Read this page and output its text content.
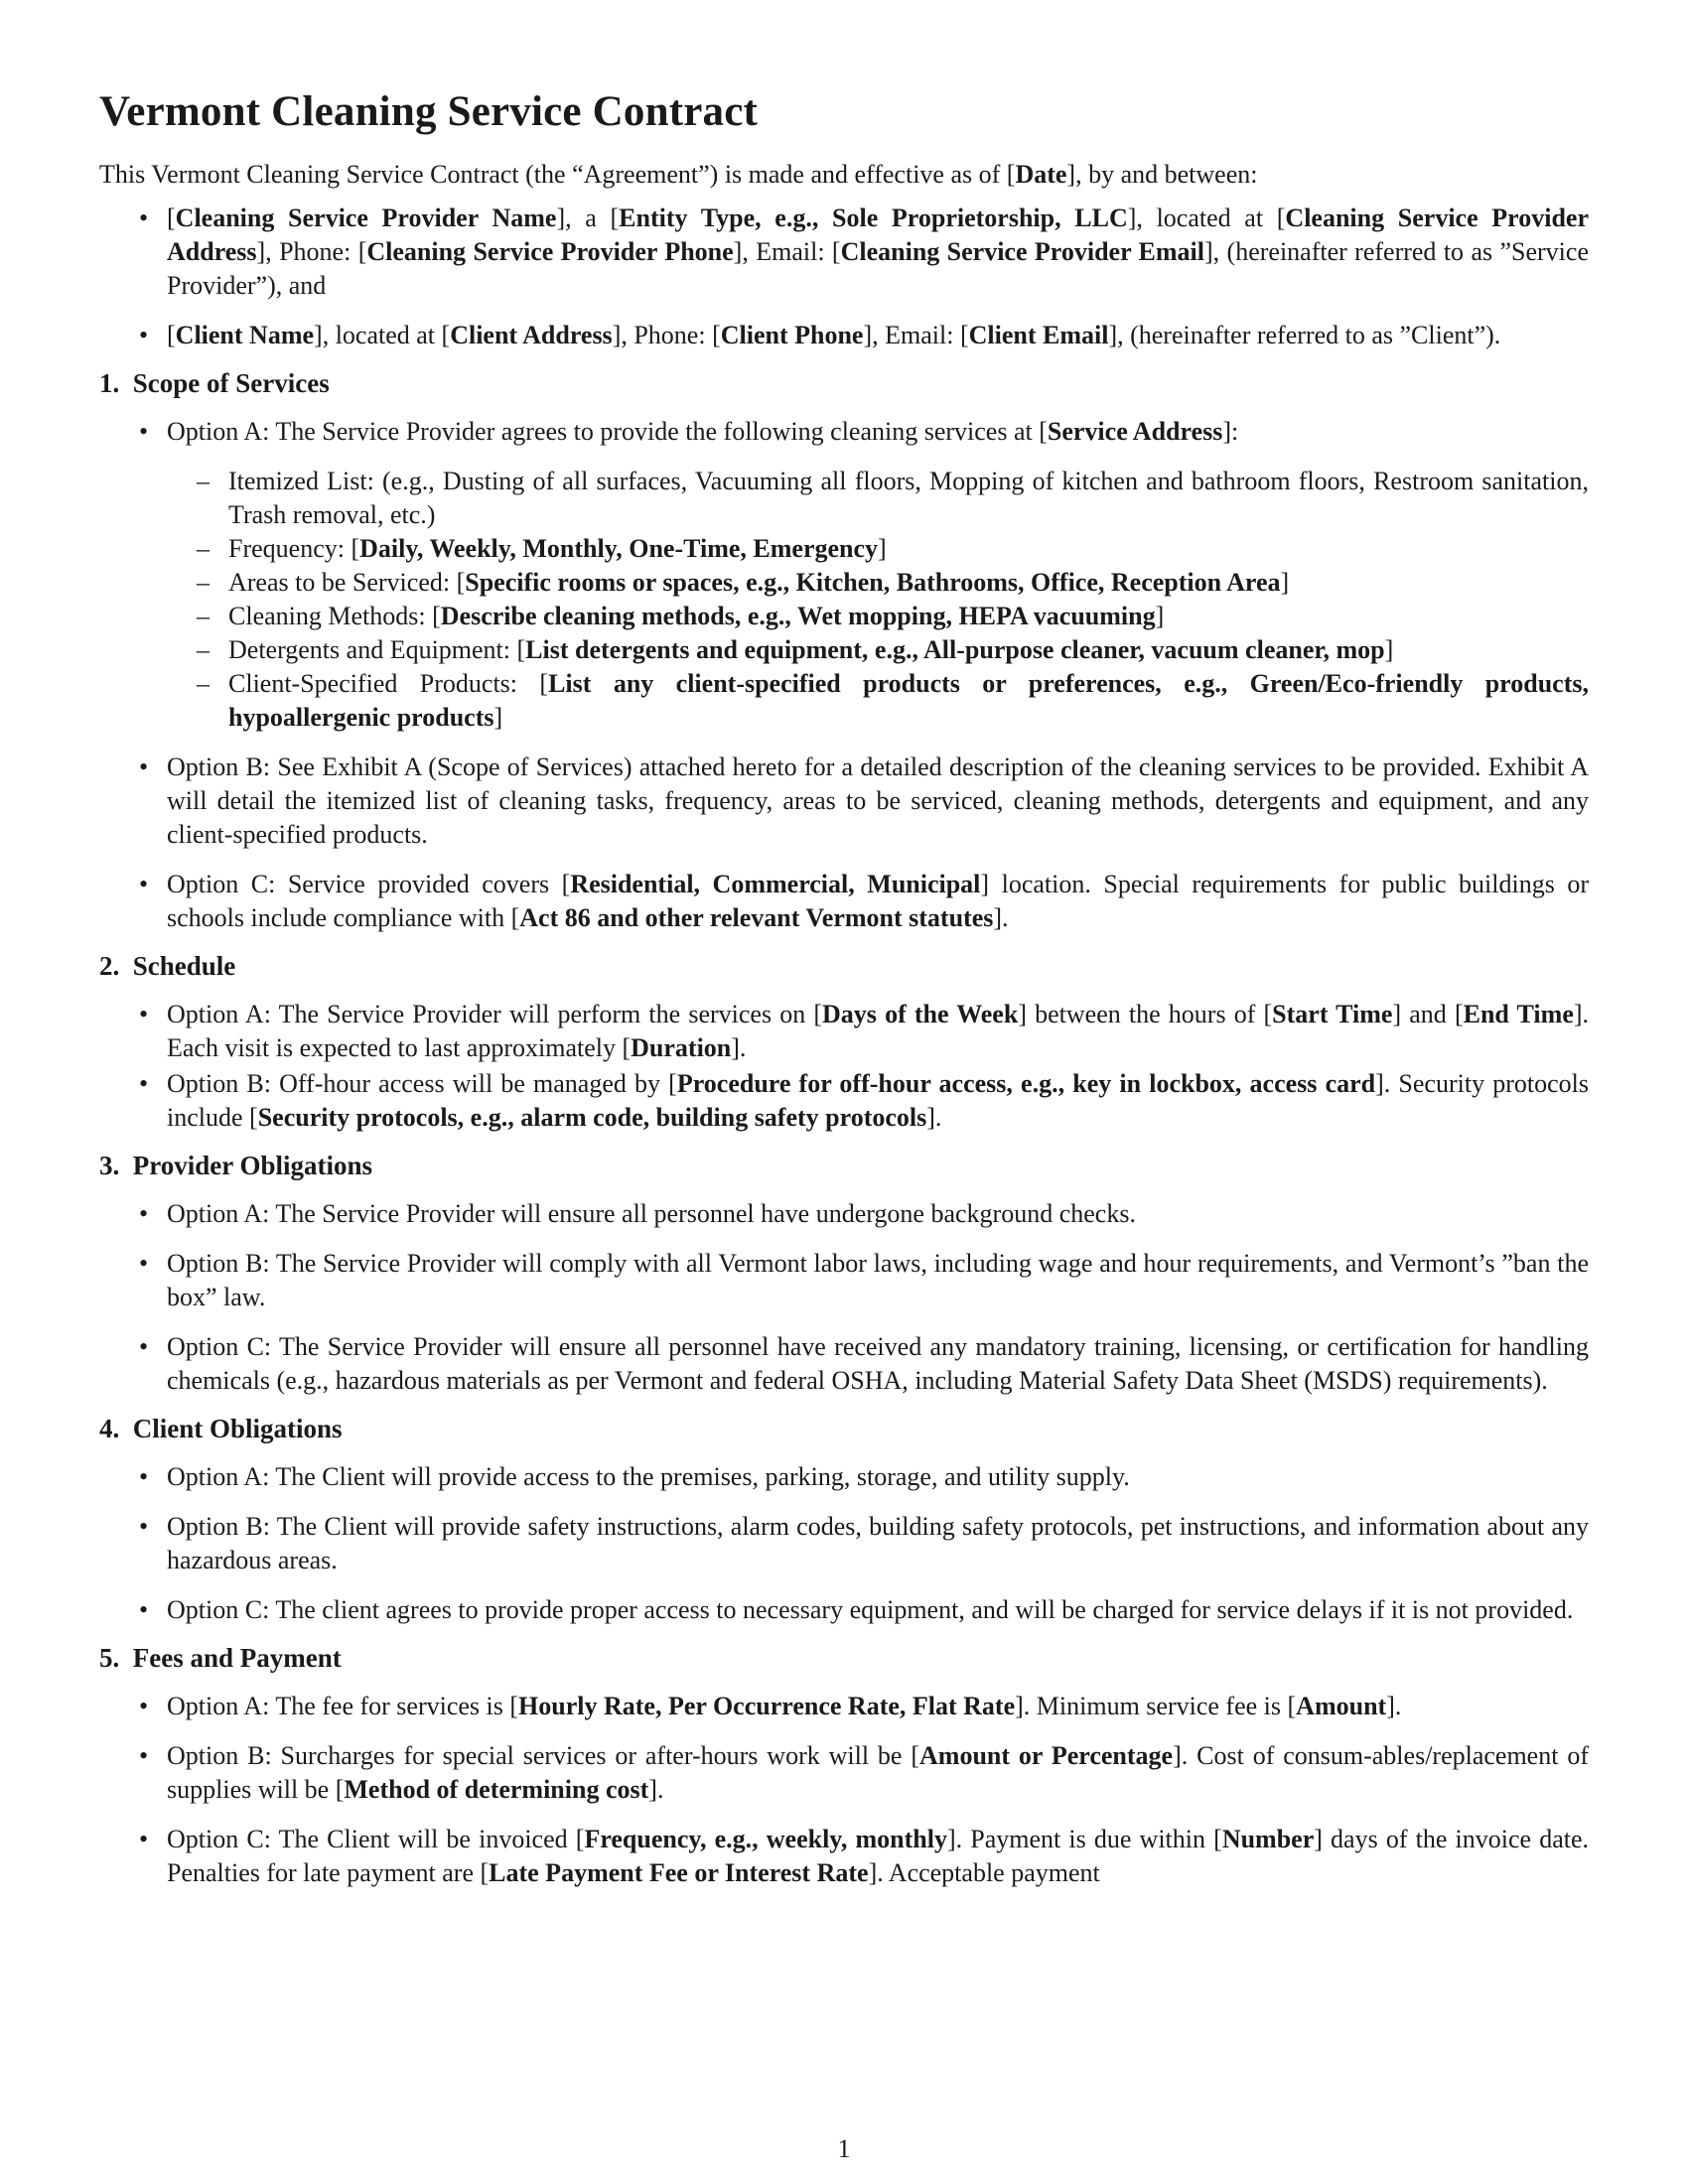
Vermont Cleaning Service Contract
This Vermont Cleaning Service Contract (the “Agreement”) is made and effective as of [Date], by and between:
• [Cleaning Service Provider Name], a [Entity Type, e.g., Sole Proprietorship, LLC], located at [Cleaning Service Provider Address], Phone: [Cleaning Service Provider Phone], Email: [Cleaning Service Provider Email], (hereinafter referred to as ”Service Provider”), and
• [Client Name], located at [Client Address], Phone: [Client Phone], Email: [Client Email], (hereinafter referred to as ”Client”).
1. Scope of Services
• Option A: The Service Provider agrees to provide the following cleaning services at [Service Address]:
– Itemized List: (e.g., Dusting of all surfaces, Vacuuming all floors, Mopping of kitchen and bathroom floors, Restroom sanitation, Trash removal, etc.)
– Frequency: [Daily, Weekly, Monthly, One-Time, Emergency]
– Areas to be Serviced: [Specific rooms or spaces, e.g., Kitchen, Bathrooms, Office, Reception Area]
– Cleaning Methods: [Describe cleaning methods, e.g., Wet mopping, HEPA vacuuming]
– Detergents and Equipment: [List detergents and equipment, e.g., All-purpose cleaner, vacuum cleaner, mop]
– Client-Specified Products: [List any client-specified products or preferences, e.g., Green/Eco-friendly products, hypoallergenic products]
• Option B: See Exhibit A (Scope of Services) attached hereto for a detailed description of the cleaning services to be provided. Exhibit A will detail the itemized list of cleaning tasks, frequency, areas to be serviced, cleaning methods, detergents and equipment, and any client-specified products.
• Option C: Service provided covers [Residential, Commercial, Municipal] location. Special requirements for public buildings or schools include compliance with [Act 86 and other relevant Vermont statutes].
2. Schedule
• Option A: The Service Provider will perform the services on [Days of the Week] between the hours of [Start Time] and [End Time]. Each visit is expected to last approximately [Duration].
• Option B: Off-hour access will be managed by [Procedure for off-hour access, e.g., key in lockbox, access card]. Security protocols include [Security protocols, e.g., alarm code, building safety protocols].
3. Provider Obligations
• Option A: The Service Provider will ensure all personnel have undergone background checks.
• Option B: The Service Provider will comply with all Vermont labor laws, including wage and hour requirements, and Vermont’s ”ban the box” law.
• Option C: The Service Provider will ensure all personnel have received any mandatory training, licensing, or certification for handling chemicals (e.g., hazardous materials as per Vermont and federal OSHA, including Material Safety Data Sheet (MSDS) requirements).
4. Client Obligations
• Option A: The Client will provide access to the premises, parking, storage, and utility supply.
• Option B: The Client will provide safety instructions, alarm codes, building safety protocols, pet instructions, and information about any hazardous areas.
• Option C: The client agrees to provide proper access to necessary equipment, and will be charged for service delays if it is not provided.
5. Fees and Payment
• Option A: The fee for services is [Hourly Rate, Per Occurrence Rate, Flat Rate]. Minimum service fee is [Amount].
• Option B: Surcharges for special services or after-hours work will be [Amount or Percentage]. Cost of consum-ables/replacement of supplies will be [Method of determining cost].
• Option C: The Client will be invoiced [Frequency, e.g., weekly, monthly]. Payment is due within [Number] days of the invoice date. Penalties for late payment are [Late Payment Fee or Interest Rate]. Acceptable payment
1
